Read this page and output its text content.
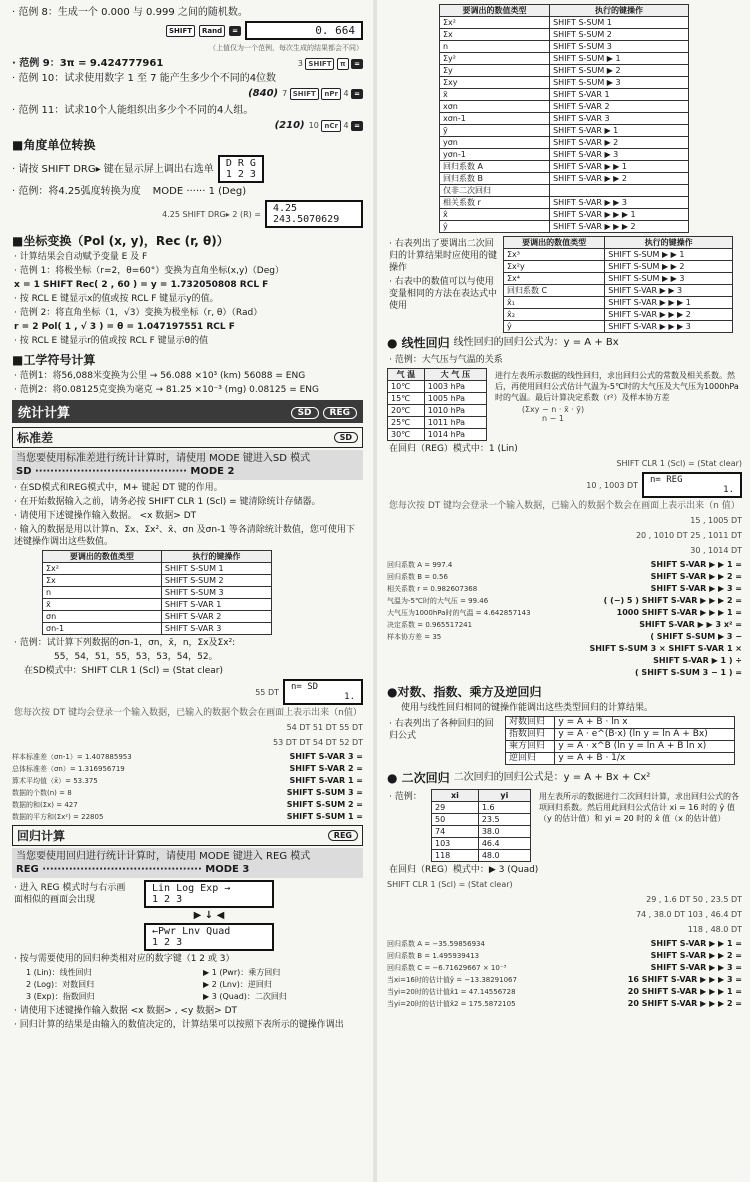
· 范例 8：生成一个 0.000 与 0.999 之间的随机数。
SHIFT	Rand	=	0. 664
（上值仅为一个范例，每次生成的结果都会不同）
· 范例 9：3π = 9.424777961	3 SHIFT π =
· 范例 10：试求使用数字 1 至 7 能产生多少个不同的4位数
(840) 7 SHIFT nPr 4 =
· 范例 11：试求10个人能组织出多少个不同的4人组。
(210) 10 nCr 4 =
■角度单位转换
· 请按 SHIFT DRG▸ 键在显示屏上调出右选单	D R G
1 2 3
· 范例：将4.25弧度转换为度 MODE ······ 1 (Deg)
4.25 SHIFT DRG▸ 2 (R) =	4.25
243.5070629
■坐标变换（Pol (x, y)，Rec (r, θ)）
· 计算结果会自动赋予变量 E 及 F
· 范例 1：将极坐标（r=2，θ=60°）变换为直角坐标(x,y)（Deg）
x = 1 SHIFT Rec( 2 , 60 ) = y = 1.732050808 RCL F
· 按 RCL E 键显示x的值或按 RCL F 键显示y的值。
· 范例 2：将直角坐标（1，√3）变换为极坐标（r, θ）（Rad）
r = 2 Pol( 1 , √ 3 ) = θ = 1.047197551 RCL F
· 按 RCL E 键显示r的值或按 RCL F 键显示θ的值
■工学符号计算
· 范例1：将56,088米变换为公里 → 56.088 ×10³ (km) 56088 = ENG
· 范例2：将0.08125克变换为毫克 → 81.25 ×10⁻³ (mg) 0.08125 = ENG
统计计算	SD REG
标准差	SD
当您要使用标准差进行统计计算时，请使用 MODE 键进入SD 模式
SD ········································ MODE 2
· 在SD模式和REG模式中，M+ 键起 DT 键的作用。
· 在开始数据输入之前，请务必按 SHIFT CLR 1 (Scl) = 键清除统计存储器。
· 请使用下述键操作输入数据。 <x 数据> DT
· 输入的数据是用以计算n、Σx、Σx²、x̄、σn 及σn-1 等各清除统计数值，您可使用下述键操作调出这些数值。
要调出的数值类型	执行的键操作
Σx²	SHIFT S-SUM 1
Σx	SHIFT S-SUM 2
n	SHIFT S-SUM 3
x̄	SHIFT S-VAR 1
σn	SHIFT S-VAR 2
σn-1	SHIFT S-VAR 3
· 范例：试计算下列数据的σn-1，σn，x̄，n，Σx及Σx²:
55，54，51，55，53，53，54，52。
在SD模式中：SHIFT CLR 1 (Scl) = (Stat clear)
55 DT	n= SD

1.
您每次按 DT 键均会登录一个输入数据，已输入的数据个数会在画面上表示出来（n值）
54 DT 51 DT 55 DT
53 DT DT 54 DT 52 DT
样本标准差（σn-1）= 1.407885953	SHIFT S-VAR 3 =
总体标准差（σn）= 1.316956719	SHIFT S-VAR 2 =
算术平均值（x̄）= 53.375	SHIFT S-VAR 1 =
数据的个数(n) = 8	SHIFT S-SUM 3 =
数据的和(Σx) = 427	SHIFT S-SUM 2 =
数据的平方和(Σx²) = 22805	SHIFT S-SUM 1 =
回归计算	REG
当您要使用回归进行统计计算时，请使用 MODE 键进入 REG 模式
REG ·········································· MODE 3
· 进入 REG 模式时与右示画面相似的画面会出现
Lin Log Exp →
1 2 3
▶ ↓ ◀
←Pwr Lnv Quad
1 2 3
· 按与需要使用的回归种类相对应的数字键（1 2 或 3）
1 (Lin)：线性回归	▶ 1 (Pwr)：乘方回归
2 (Log)：对数回归	▶ 2 (Lnv)：逆回归
3 (Exp)：指数回归	▶ 3 (Quad)：二次回归
· 请使用下述键操作输入数据 <x 数据> , <y 数据> DT
· 回归计算的结果是由输入的数值决定的，计算结果可以按照下表所示的键操作调出
要调出的数值类型	执行的键操作
Σx²	SHIFT S-SUM 1
Σx	SHIFT S-SUM 2
n	SHIFT S-SUM 3
Σy²	SHIFT S-SUM ▶ 1
Σy	SHIFT S-SUM ▶ 2
Σxy	SHIFT S-SUM ▶ 3
x̄	SHIFT S-VAR 1
xσn	SHIFT S-VAR 2
xσn-1	SHIFT S-VAR 3
ȳ	SHIFT S-VAR ▶ 1
yσn	SHIFT S-VAR ▶ 2
yσn-1	SHIFT S-VAR ▶ 3
回归系数 A	SHIFT S-VAR ▶ ▶ 1
回归系数 B	SHIFT S-VAR ▶ ▶ 2
仅非二次回归	
相关系数 r	SHIFT S-VAR ▶ ▶ 3
x̂	SHIFT S-VAR ▶ ▶ ▶ 1
ŷ	SHIFT S-VAR ▶ ▶ ▶ 2
· 右表列出了要调出二次回归的计算结果时应使用的键操作
· 右表中的数值可以与使用变量相同的方法在表达式中使用
要调出的数值类型	执行的键操作
Σx³	SHIFT S-SUM ▶ ▶ 1
Σx²y	SHIFT S-SUM ▶ ▶ 2
Σx⁴	SHIFT S-SUM ▶ ▶ 3
回归系数 C	SHIFT S-VAR ▶ ▶ 3
x̂₁	SHIFT S-VAR ▶ ▶ ▶ 1
x̂₂	SHIFT S-VAR ▶ ▶ ▶ 2
ŷ	SHIFT S-VAR ▶ ▶ ▶ 3
● 线性回归 线性回归的回归公式为：y = A + Bx
· 范例：大气压与气温的关系
气 温	大 气 压
10℃	1003 hPa
15℃	1005 hPa
20℃	1010 hPa
25℃	1011 hPa
30℃	1014 hPa
进行左表所示数据的线性回归，求出回归公式的常数及相关系数。然后，再使用回归公式估计气温为-5℃时的大气压及大气压为1000hPa时的气温。最后计算决定系数（r²）及样本协方差
(Σxy − n · x̄ · ȳ)
n − 1
在回归（REG）模式中：1 (Lin)
SHIFT CLR 1 (Scl) = (Stat clear)
10 , 1003 DT	n= REG

1.
您每次按 DT 键均会登录一个输入数据，已输入的数据个数会在画面上表示出来（n 值）
15 , 1005 DT
20 , 1010 DT 25 , 1011 DT
30 , 1014 DT
回归系数 A = 997.4	SHIFT S-VAR ▶ ▶ 1 =
回归系数 B = 0.56	SHIFT S-VAR ▶ ▶ 2 =
相关系数 r = 0.982607368	SHIFT S-VAR ▶ ▶ 3 =
气温为-5℃时的大气压 = 99.46	( (−) 5 ) SHIFT S-VAR ▶ ▶ ▶ 2 =
大气压为1000hPa时的气温 = 4.642857143	1000 SHIFT S-VAR ▶ ▶ ▶ 1 =
决定系数 = 0.965517241	SHIFT S-VAR ▶ ▶ 3 x² =
样本协方差 = 35	( SHIFT S-SUM ▶ 3 −
SHIFT S-SUM 3 × SHIFT S-VAR 1 ×
SHIFT S-VAR ▶ 1 ) ÷
( SHIFT S-SUM 3 − 1 ) =
●对数、指数、乘方及逆回归
使用与线性回归相同的键操作能调出这些类型回归的计算结果。
· 右表列出了各种回归的回归公式
对数回归	y = A + B · ln x
指数回归	y = A · e^(B·x) (ln y = ln A + Bx)
乘方回归	y = A · x^B (ln y = ln A + B ln x)
逆回归	y = A + B · 1/x
● 二次回归 二次回归的回归公式是：y = A + Bx + Cx²
· 范例：	xi	yi
29	1.6
50	23.5
74	38.0
103	46.4
118	48.0
用左表所示的数据进行二次回归计算，求出回归公式的各项回归系数。然后用此回归公式估计 xi = 16 时的 ŷ 值（y 的估计值）和 yi = 20 时的 x̂ 值（x 的估计值）
在回归（REG）模式中：▶ 3 (Quad)
SHIFT CLR 1 (Scl) = (Stat clear)
29 , 1.6 DT 50 , 23.5 DT
74 , 38.0 DT 103 , 46.4 DT
118 , 48.0 DT
回归系数 A = −35.59856934	SHIFT S-VAR ▶ ▶ 1 =
回归系数 B = 1.495939413	SHIFT S-VAR ▶ ▶ 2 =
回归系数 C = −6.71629667 × 10⁻³	SHIFT S-VAR ▶ ▶ 3 =
当xi=16时的估计值ŷ = −13.38291067	16 SHIFT S-VAR ▶ ▶ ▶ 3 =
当yi=20时的估计值x̂1 = 47.14556728	20 SHIFT S-VAR ▶ ▶ ▶ 1 =
当yi=20时的估计值x̂2 = 175.5872105	20 SHIFT S-VAR ▶ ▶ ▶ 2 =
